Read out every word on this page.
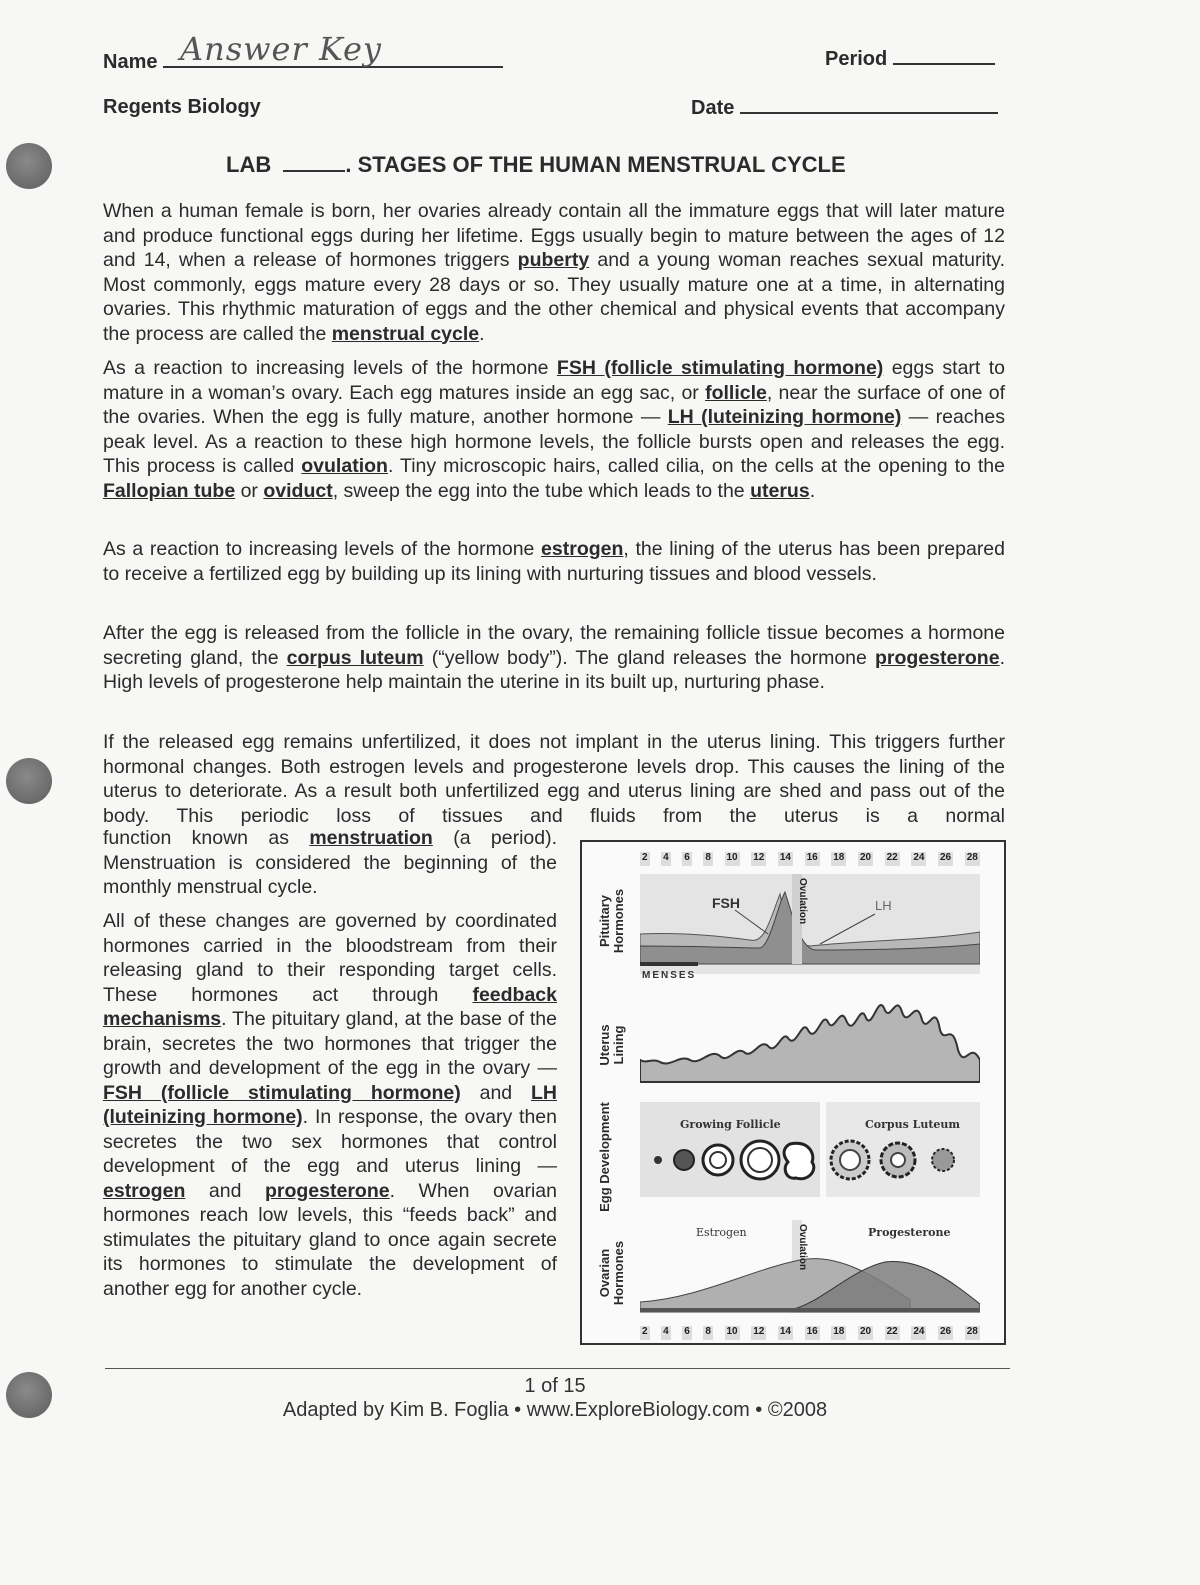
Name Answer Key	Period
Regents Biology	Date
LAB	. STAGES OF THE HUMAN MENSTRUAL CYCLE

When a human female is born, her ovaries already contain all the immature eggs that will later mature and produce functional eggs during her lifetime. Eggs usually begin to mature between the ages of 12 and 14, when a release of hormones triggers puberty and a young woman reaches sexual maturity. Most commonly, eggs mature every 28 days or so. They usually mature one at a time, in alternating ovaries. This rhythmic maturation of eggs and the other chemical and physical events that accompany the process are called the menstrual cycle.

As a reaction to increasing levels of the hormone FSH (follicle stimulating hormone) eggs start to mature in a woman’s ovary. Each egg matures inside an egg sac, or follicle, near the surface of one of the ovaries. When the egg is fully mature, another hormone — LH (luteinizing hormone) — reaches peak level. As a reaction to these high hormone levels, the follicle bursts open and releases the egg. This process is called ovulation. Tiny microscopic hairs, called cilia, on the cells at the opening to the Fallopian tube or oviduct, sweep the egg into the tube which leads to the uterus.

As a reaction to increasing levels of the hormone estrogen, the lining of the uterus has been prepared to receive a fertilized egg by building up its lining with nurturing tissues and blood vessels.

After the egg is released from the follicle in the ovary, the remaining follicle tissue becomes a hormone secreting gland, the corpus luteum (“yellow body”). The gland releases the hormone progesterone. High levels of progesterone help maintain the uterine in its built up, nurturing phase.

If the released egg remains unfertilized, it does not implant in the uterus lining. This triggers further hormonal changes. Both estrogen levels and progesterone levels drop. This causes the lining of the uterus to deteriorate. As a result both unfertilized egg and uterus lining are shed and pass out of the body. This periodic loss of tissues and fluids from the uterus is a normal

function known as menstruation (a period). Menstruation is considered the beginning of the monthly menstrual cycle.

All of these changes are governed by coordinated hormones carried in the bloodstream from their releasing gland to their responding target cells. These hormones act through feedback mechanisms. The pituitary gland, at the base of the brain, secretes the two hormones that trigger the growth and development of the egg in the ovary — FSH (follicle stimulating hormone) and LH (luteinizing hormone). In response, the ovary then secretes the two sex hormones that control development of the egg and uterus lining — estrogen and progesterone. When ovarian hormones reach low levels, this “feeds back” and stimulates the pituitary gland to once again secrete its hormones to stimulate the development of another egg for another cycle.

2 4 6 8 10 12 14 16 18 20 22 24 26 28
Pituitary Hormones	Ovulation
FSH	LH
MENSES
Uterus Lining
Egg Development	Growing Follicle	Corpus Luteum
Ovarian Hormones	Ovulation
Estrogen	Progesterone
2 4 6 8 10 12 14 16 18 20 22 24 26 28
1 of 15
Adapted by Kim B. Foglia • www.ExploreBiology.com • ©2008
